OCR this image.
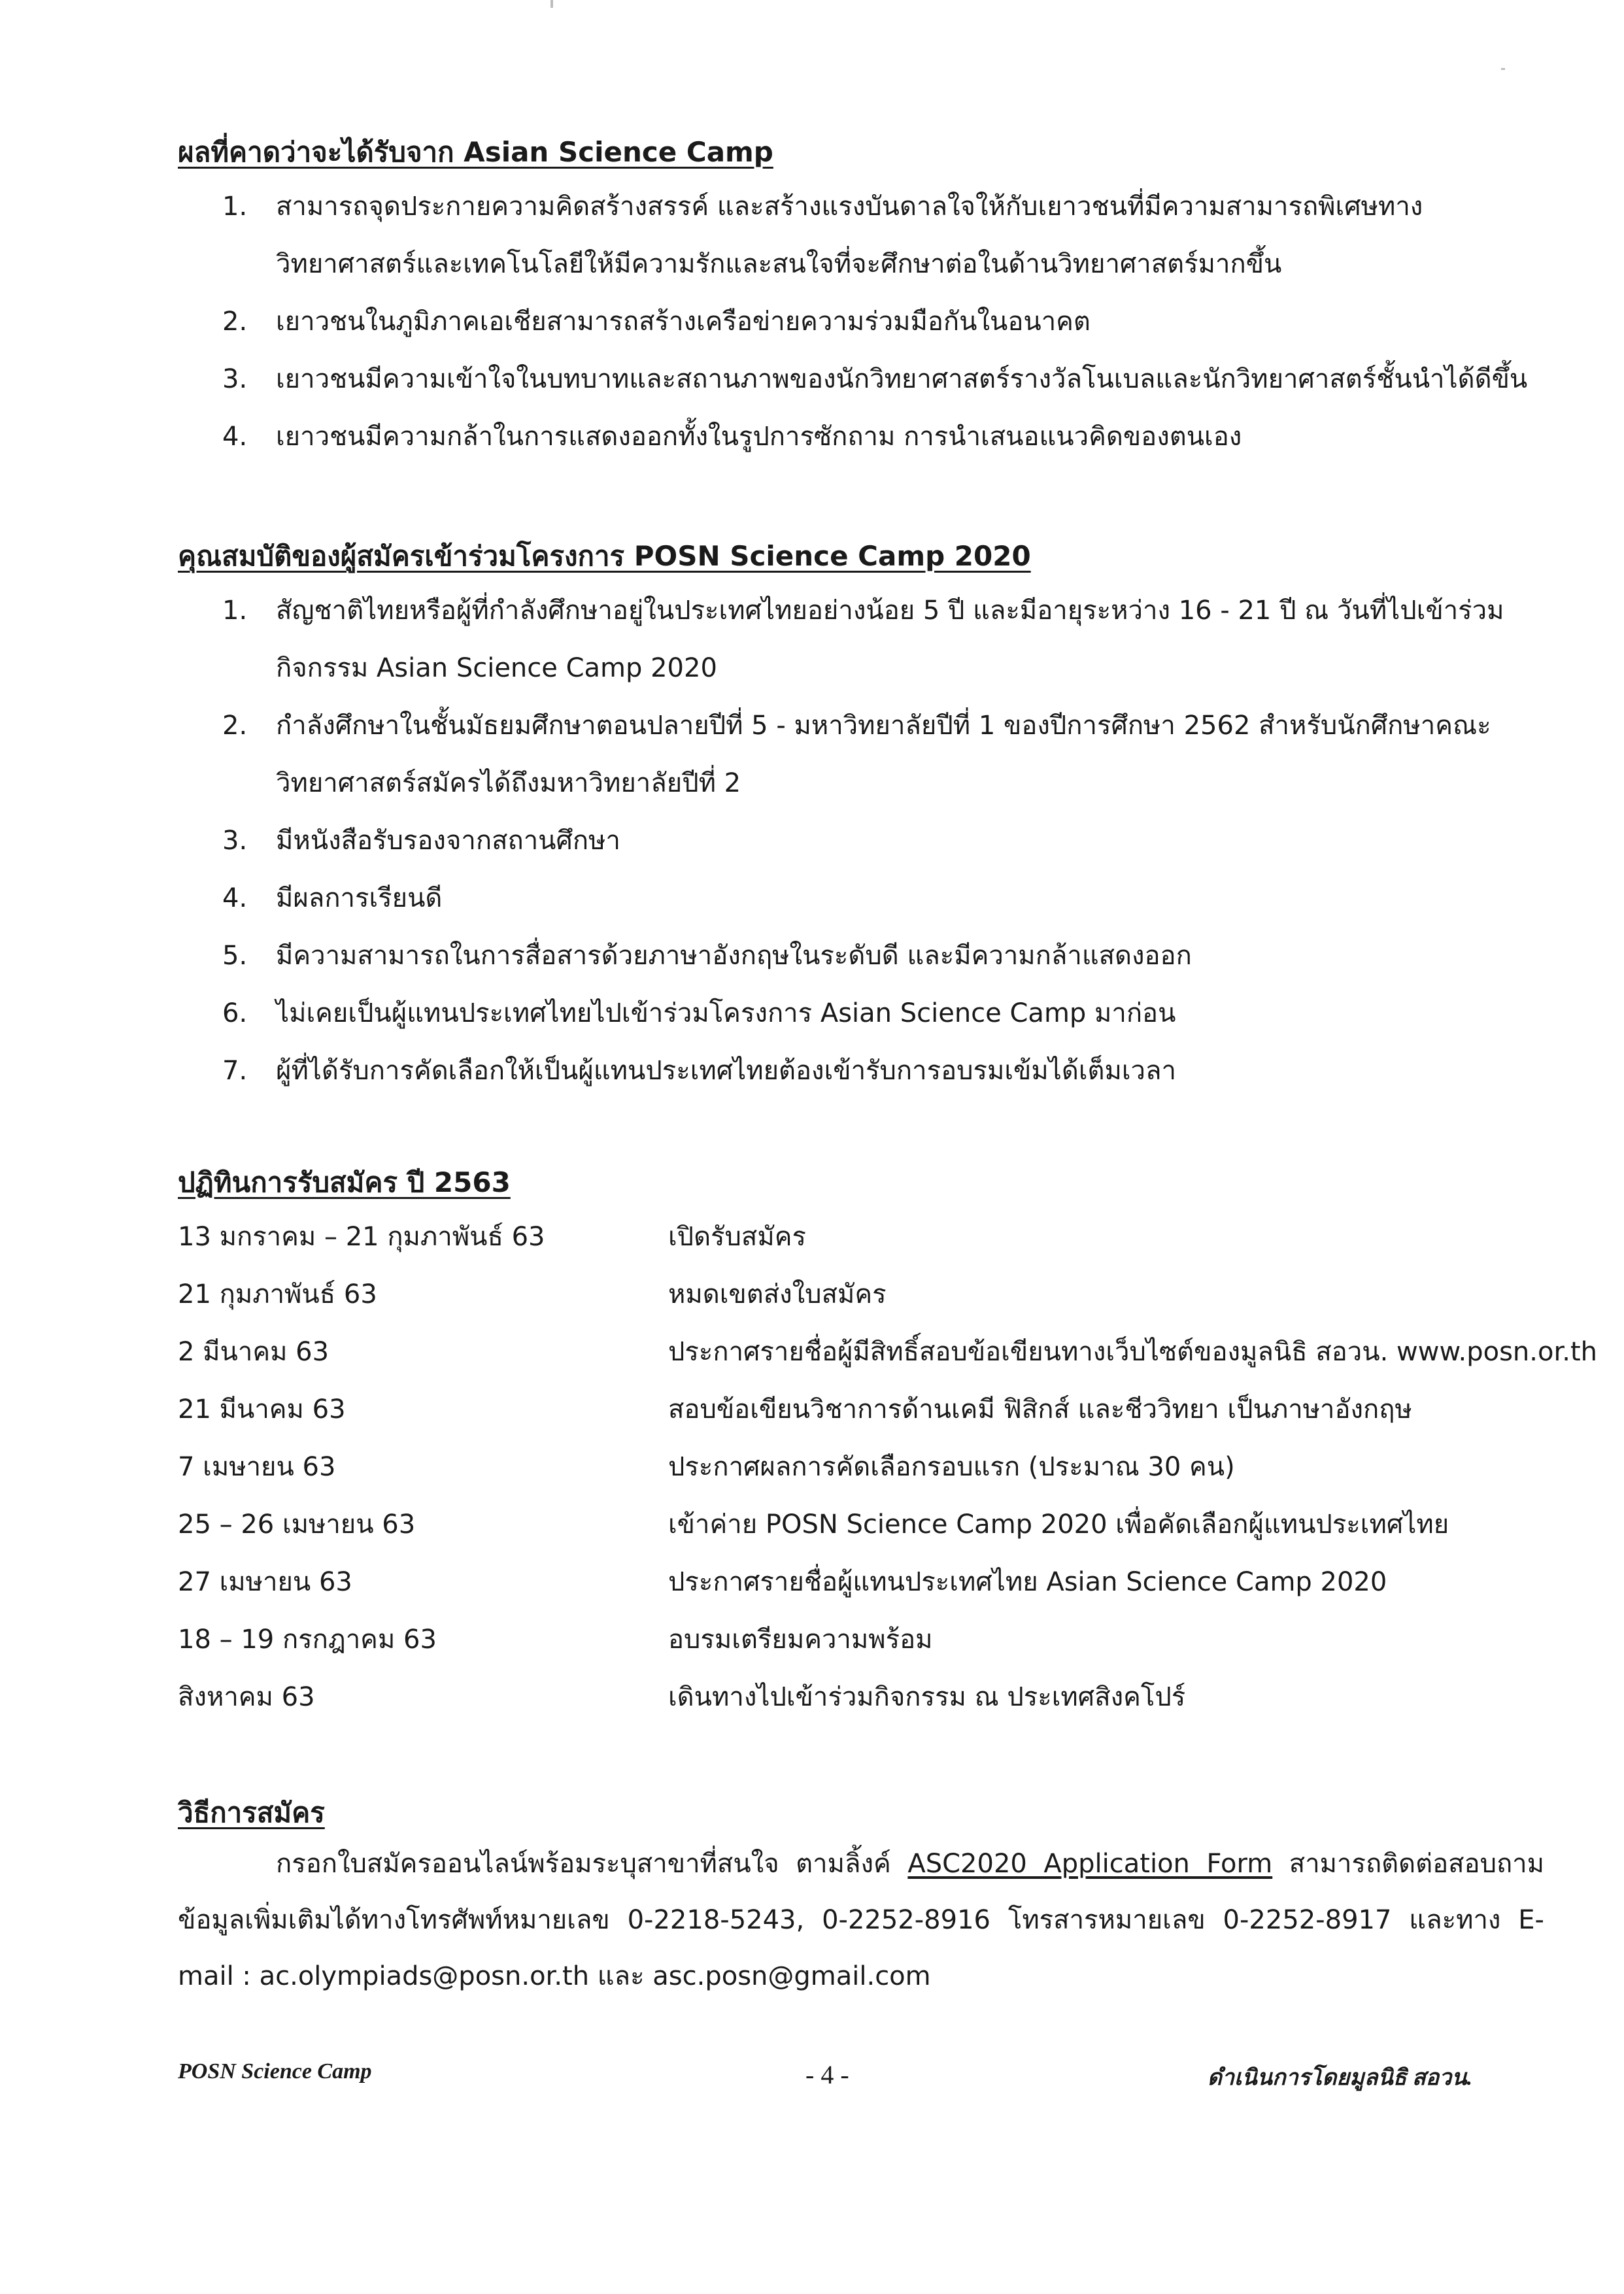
ผลที่คาดว่าจะได้รับจาก Asian Science Camp
1. สามารถจุดประกายความคิดสร้างสรรค์ และสร้างแรงบันดาลใจให้กับเยาวชนที่มีความสามารถพิเศษทางวิทยาศาสตร์และเทคโนโลยีให้มีความรักและสนใจที่จะศึกษาต่อในด้านวิทยาศาสตร์มากขึ้น
2. เยาวชนในภูมิภาคเอเชียสามารถสร้างเครือข่ายความร่วมมือกันในอนาคต
3. เยาวชนมีความเข้าใจในบทบาทและสถานภาพของนักวิทยาศาสตร์รางวัลโนเบลและนักวิทยาศาสตร์ชั้นนำได้ดีขึ้น
4. เยาวชนมีความกล้าในการแสดงออกทั้งในรูปการซักถาม การนำเสนอแนวคิดของตนเอง
คุณสมบัติของผู้สมัครเข้าร่วมโครงการ POSN Science Camp 2020
1. สัญชาติไทยหรือผู้ที่กำลังศึกษาอยู่ในประเทศไทยอย่างน้อย 5 ปี และมีอายุระหว่าง 16 - 21 ปี ณ วันที่ไปเข้าร่วมกิจกรรม Asian Science Camp 2020
2. กำลังศึกษาในชั้นมัธยมศึกษาตอนปลายปีที่ 5 - มหาวิทยาลัยปีที่ 1 ของปีการศึกษา 2562 สำหรับนักศึกษาคณะวิทยาศาสตร์สมัครได้ถึงมหาวิทยาลัยปีที่ 2
3. มีหนังสือรับรองจากสถานศึกษา
4. มีผลการเรียนดี
5. มีความสามารถในการสื่อสารด้วยภาษาอังกฤษในระดับดี และมีความกล้าแสดงออก
6. ไม่เคยเป็นผู้แทนประเทศไทยไปเข้าร่วมโครงการ Asian Science Camp มาก่อน
7. ผู้ที่ได้รับการคัดเลือกให้เป็นผู้แทนประเทศไทยต้องเข้ารับการอบรมเข้มได้เต็มเวลา
ปฏิทินการรับสมัคร ปี 2563
13 มกราคม – 21 กุมภาพันธ์ 63	เปิดรับสมัคร
21 กุมภาพันธ์ 63	หมดเขตส่งใบสมัคร
2 มีนาคม 63	ประกาศรายชื่อผู้มีสิทธิ์สอบข้อเขียนทางเว็บไซต์ของมูลนิธิ สอวน. www.posn.or.th
21 มีนาคม 63	สอบข้อเขียนวิชาการด้านเคมี ฟิสิกส์ และชีววิทยา เป็นภาษาอังกฤษ
7 เมษายน 63	ประกาศผลการคัดเลือกรอบแรก (ประมาณ 30 คน)
25 – 26 เมษายน 63	เข้าค่าย POSN Science Camp 2020 เพื่อคัดเลือกผู้แทนประเทศไทย
27 เมษายน 63	ประกาศรายชื่อผู้แทนประเทศไทย Asian Science Camp 2020
18 – 19 กรกฎาคม 63	อบรมเตรียมความพร้อม
สิงหาคม 63	เดินทางไปเข้าร่วมกิจกรรม ณ ประเทศสิงคโปร์
วิธีการสมัคร
กรอกใบสมัครออนไลน์พร้อมระบุสาขาที่สนใจ ตามลิ้งค์ ASC2020 Application Form สามารถติดต่อสอบถามข้อมูลเพิ่มเติมได้ทางโทรศัพท์หมายเลข 0-2218-5243, 0-2252-8916 โทรสารหมายเลข 0-2252-8917 และทาง E-mail : ac.olympiads@posn.or.th และ asc.posn@gmail.com
POSN Science Camp	- 4 -	ดำเนินการโดยมูลนิธิ สอวน.
